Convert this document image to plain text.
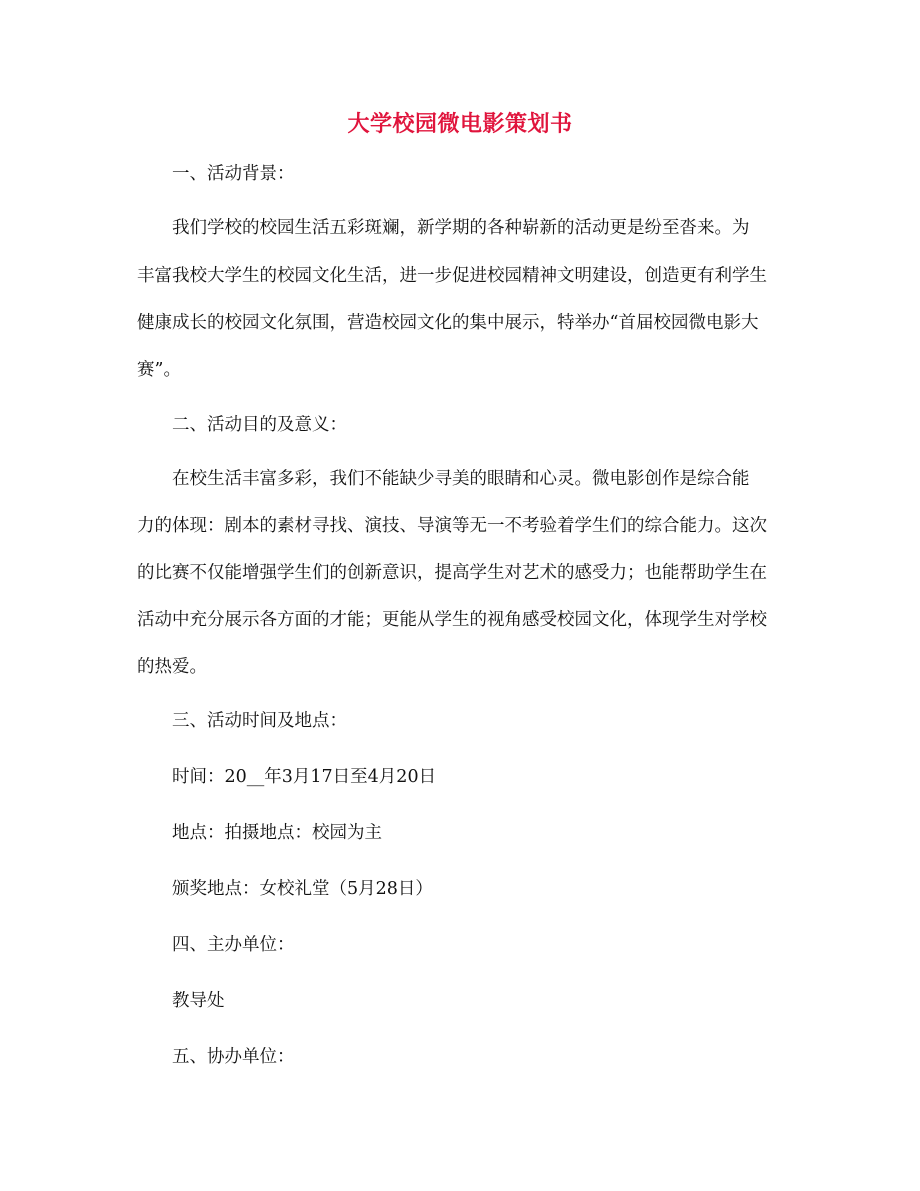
大学校园微电影策划书
一、活动背景：
我们学校的校园生活五彩斑斓，新学期的各种崭新的活动更是纷至沓来。为
丰富我校大学生的校园文化生活，进一步促进校园精神文明建设，创造更有利学生
健康成长的校园文化氛围，营造校园文化的集中展示，特举办“首届校园微电影大
赛”。
二、活动目的及意义：
在校生活丰富多彩，我们不能缺少寻美的眼睛和心灵。微电影创作是综合能
力的体现：剧本的素材寻找、演技、导演等无一不考验着学生们的综合能力。这次
的比赛不仅能增强学生们的创新意识，提高学生对艺术的感受力；也能帮助学生在
活动中充分展示各方面的才能；更能从学生的视角感受校园文化，体现学生对学校
的热爱。
三、活动时间及地点：
时间：20__年3月17日至4月20日
地点：拍摄地点：校园为主
颁奖地点：女校礼堂（5月28日）
四、主办单位：
教导处
五、协办单位：
